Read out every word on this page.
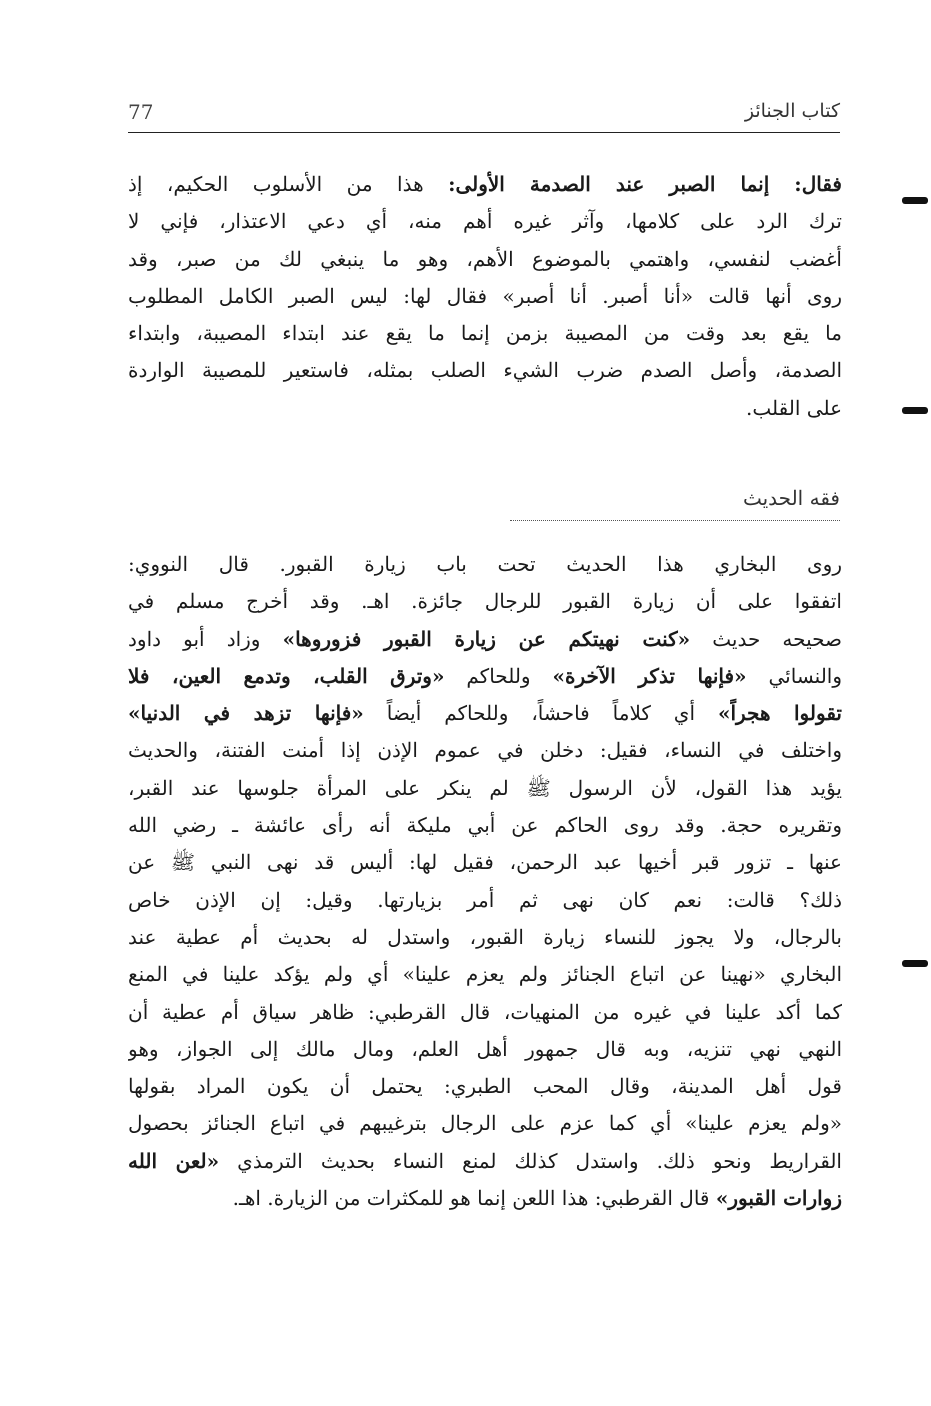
77	كتاب الجنائز
فقال: إنما الصبر عند الصدمة الأولى: هذا من الأسلوب الحكيم، إذ
ترك الرد على كلامها، وآثر غيره أهم منه، أي دعي الاعتذار، فإني لا
أغضب لنفسي، واهتمي بالموضوع الأهم، وهو ما ينبغي لك من صبر، وقد
روى أنها قالت «أنا أصبر. أنا أصبر» فقال لها: ليس الصبر الكامل المطلوب
ما يقع بعد وقت من المصيبة بزمن إنما ما يقع عند ابتداء المصيبة، وابتداء
الصدمة، وأصل الصدم ضرب الشيء الصلب بمثله، فاستعير للمصيبة الواردة
على القلب.
فقه الحديث
روى البخاري هذا الحديث تحت باب زيارة القبور. قال النووي:
اتفقوا على أن زيارة القبور للرجال جائزة. اهـ. وقد أخرج مسلم في
صحيحه حديث «كنت نهيتكم عن زيارة القبور فزوروها» وزاد أبو داود
والنسائي «فإنها تذكر الآخرة» وللحاكم «وترق القلب، وتدمع العين، فلا
تقولوا هجراً» أي كلاماً فاحشاً، وللحاكم أيضاً «فإنها تزهد في الدنيا»
واختلف في النساء، فقيل: دخلن في عموم الإذن إذا أمنت الفتنة، والحديث
يؤيد هذا القول، لأن الرسول ﷺ لم ينكر على المرأة جلوسها عند القبر،
وتقريره حجة. وقد روى الحاكم عن أبي مليكة أنه رأى عائشة ـ رضي الله
عنها ـ تزور قبر أخيها عبد الرحمن، فقيل لها: أليس قد نهى النبي ﷺ عن
ذلك؟ قالت: نعم كان نهى ثم أمر بزيارتها. وقيل: إن الإذن خاص
بالرجال، ولا يجوز للنساء زيارة القبور، واستدل له بحديث أم عطية عند
البخاري «نهينا عن اتباع الجنائز ولم يعزم علينا» أي ولم يؤكد علينا في المنع
كما أكد علينا في غيره من المنهيات، قال القرطبي: ظاهر سياق أم عطية أن
النهي نهي تنزيه، وبه قال جمهور أهل العلم، ومال مالك إلى الجواز، وهو
قول أهل المدينة، وقال المحب الطبري: يحتمل أن يكون المراد بقولها
«ولم يعزم علينا» أي كما عزم على الرجال بترغيبهم في اتباع الجنائز بحصول
القراريط ونحو ذلك. واستدل كذلك لمنع النساء بحديث الترمذي «لعن الله
زوارات القبور» قال القرطبي: هذا اللعن إنما هو للمكثرات من الزيارة. اهـ.
